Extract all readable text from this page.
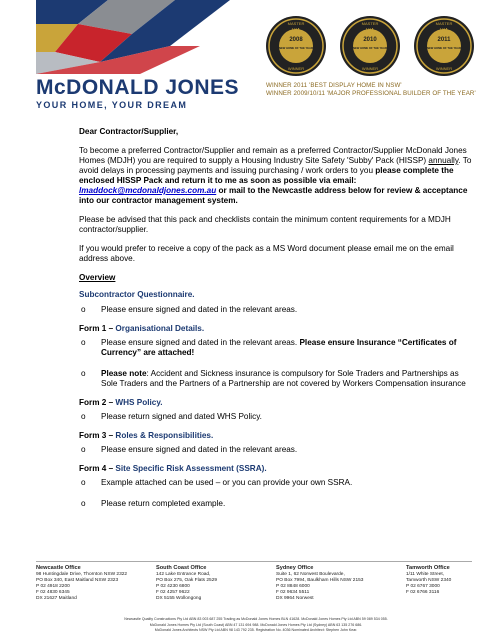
McDONALD JONES
YOUR HOME, YOUR DREAM
MASTER
HIA
2008
NEW HOME OF THE YEAR
WINNER
MASTER
HIA
2010
NEW HOME OF THE YEAR
WINNER
MASTER
HIA
2011
NEW HOME OF THE YEAR
WINNER
WINNER 2011 'BEST DISPLAY HOME IN NSW'
WINNER 2009/10/11 'MAJOR PROFESSIONAL BUILDER OF THE YEAR'
Dear Contractor/Supplier,
To become a preferred Contractor/Supplier and remain as a preferred Contractor/Supplier McDonald Jones Homes (MDJH) you are required to supply a Housing Industry Site Safety 'Subby' Pack (HISSP) annually. To avoid delays in processing payments and issuing purchasing / work orders to you please complete the enclosed HISSP Pack and return it to me as soon as possible via email: lmaddock@mcdonaldjones.com.au or mail to the Newcastle address below for review & acceptance into our contractor management system.
Please be advised that this pack and checklists contain the minimum content requirements for a MDJH contractor/supplier.
If you would prefer to receive a copy of the pack as a MS Word document please email me on the email address above.
Overview
Subcontractor Questionnaire.
o Please ensure signed and dated in the relevant areas.
Form 1 – Organisational Details.
o Please ensure signed and dated in the relevant areas. Please ensure Insurance “Certificates of Currency” are attached!
o Please note: Accident and Sickness insurance is compulsory for Sole Traders and Partnerships as Sole Traders and the Partners of a Partnership are not covered by Workers Compensation insurance
Form 2 – WHS Policy.
o Please return signed and dated WHS Policy.
Form 3 – Roles & Responsibilities.
o Please ensure signed and dated in the relevant areas.
Form 4 – Site Specific Risk Assessment (SSRA).
o Example attached can be used – or you can provide your own SSRA.
o Please return completed example.
Newcastle Office
98 Huntingdale Drive, Thornton NSW 2322
PO Box 340, East Maitland NSW 2323
P 02 4918 2200
F 02 4830 6345
DX 21627 Maitland
South Coast Office
142 Lake Entrance Road,
PO Box 275, Oak Flats 2529
P 02 4230 6800
F 02 4257 9622
DX 5155 Wollongong
Sydney Office
Suite 1, 62 Norwest Boulevarde,
PO Box 7994, Baulkham Hills NSW 2153
P 02 8848 6000
F 02 9634 5511
DX 9964 Norwest
Tamworth Office
1/11 White Street,
Tamworth NSW 2340
P 02 6767 3000
F 02 6766 3116
Newcastle Quality Constructions Pty Ltd ABN 83 003 687 255 Trading as McDonald Jones Homes BLN 41628. McDonald Jones Homes Pty Ltd ABN 59 089 534 055.
McDonald Jones Homes Pty Ltd (South Coast) ABN 47 131 694 988. McDonald Jones Homes Pty Ltd (Sydney) ABN 63 135 276 686.
McDonald Jones Architects NSW Pty Ltd ABN 98 143 792 235. Registration No. 4036 Nominated Architect: Stephen John Kear.
